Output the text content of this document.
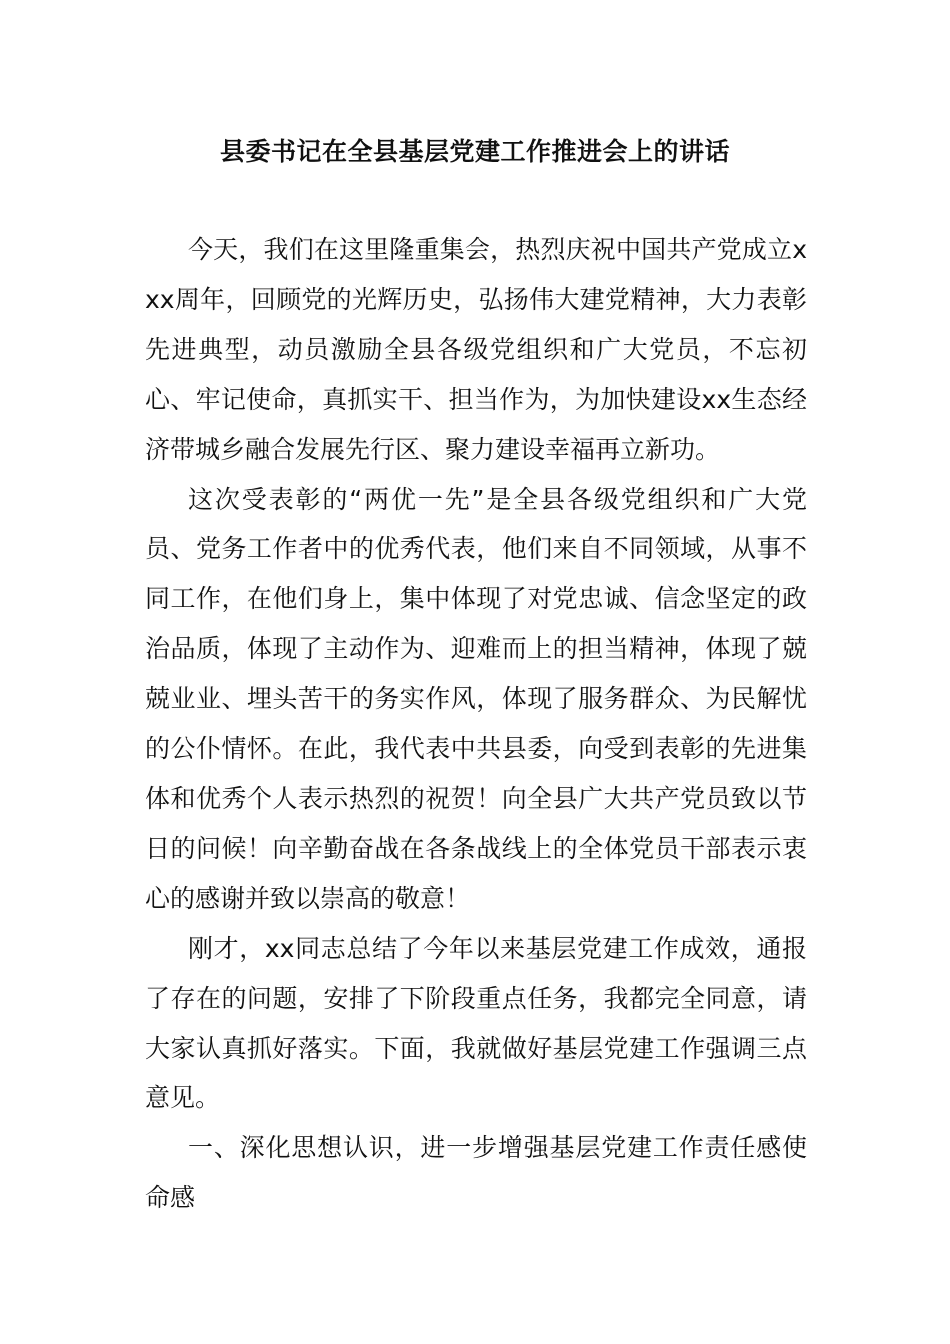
县委书记在全县基层党建工作推进会上的讲话

今天，我们在这里隆重集会，热烈庆祝中国共产党成立xxx周年，回顾党的光辉历史，弘扬伟大建党精神，大力表彰先进典型，动员激励全县各级党组织和广大党员，不忘初心、牢记使命，真抓实干、担当作为，为加快建设xx生态经济带城乡融合发展先行区、聚力建设幸福再立新功。

这次受表彰的“两优一先”是全县各级党组织和广大党员、党务工作者中的优秀代表，他们来自不同领域，从事不同工作，在他们身上，集中体现了对党忠诚、信念坚定的政治品质，体现了主动作为、迎难而上的担当精神，体现了兢兢业业、埋头苦干的务实作风，体现了服务群众、为民解忧的公仆情怀。在此，我代表中共县委，向受到表彰的先进集体和优秀个人表示热烈的祝贺！向全县广大共产党员致以节日的问候！向辛勤奋战在各条战线上的全体党员干部表示衷心的感谢并致以崇高的敬意！

刚才，xx同志总结了今年以来基层党建工作成效，通报了存在的问题，安排了下阶段重点任务，我都完全同意，请大家认真抓好落实。下面，我就做好基层党建工作强调三点意见。

一、深化思想认识，进一步增强基层党建工作责任感使命感
